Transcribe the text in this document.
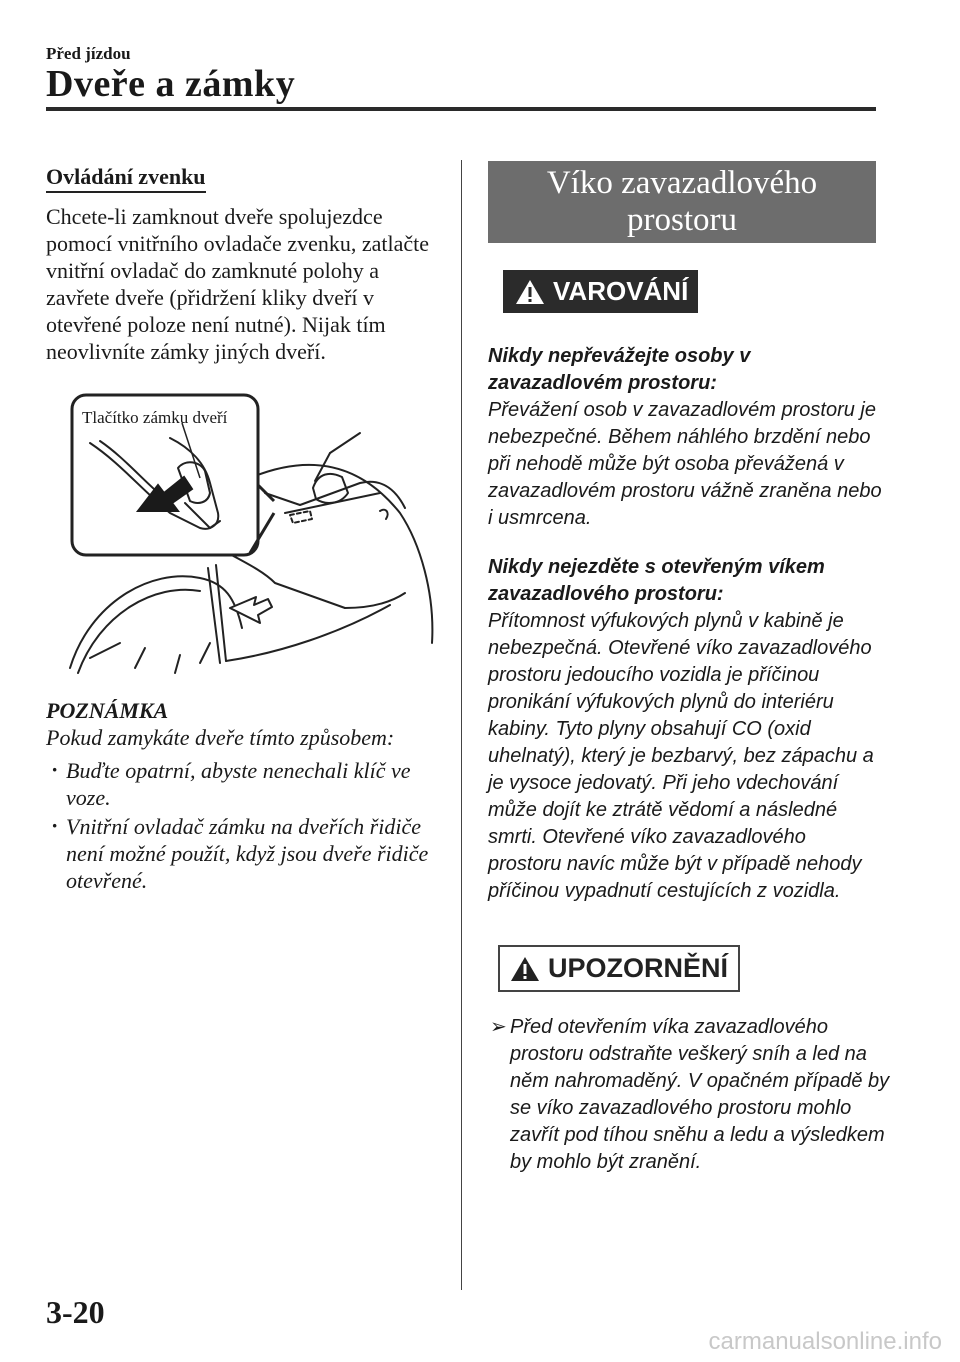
Před jízdou
Dveře a zámky
Ovládání zvenku

Chcete-li zamknout dveře spolujezdce pomocí vnitřního ovladače zvenku, zatlačte vnitřní ovladač do zamknuté polohy a zavřete dveře (přidržení kliky dveří v otevřené poloze není nutné). Nijak tím neovlivníte zámky jiných dveří.

Tlačítko zámku dveří
POZNÁMKA
Pokud zamykáte dveře tímto způsobem:
· Buďte opatrní, abyste nenechali klíč ve voze.
· Vnitřní ovladač zámku na dveřích řidiče není možné použít, když jsou dveře řidiče otevřené.
Víko zavazadlového
prostoru
VAROVÁNÍ

Nikdy nepřevážejte osoby v zavazadlovém prostoru:
Převážení osob v zavazadlovém prostoru je nebezpečné. Během náhlého brzdění nebo při nehodě může být osoba převážená v zavazadlovém prostoru vážně zraněna nebo i usmrcena.

Nikdy nejezděte s otevřeným víkem zavazadlového prostoru:
Přítomnost výfukových plynů v kabině je nebezpečná. Otevřené víko zavazadlového prostoru jedoucího vozidla je příčinou pronikání výfukových plynů do interiéru kabiny. Tyto plyny obsahují CO (oxid uhelnatý), který je bezbarvý, bez zápachu a je vysoce jedovatý. Při jeho vdechování může dojít ke ztrátě vědomí a následné smrti. Otevřené víko zavazadlového prostoru navíc může být v případě nehody příčinou vypadnutí cestujících z vozidla.

UPOZORNĚNÍ
➢ Před otevřením víka zavazadlového prostoru odstraňte veškerý sníh a led na něm nahromaděný. V opačném případě by se víko zavazadlového prostoru mohlo zavřít pod tíhou sněhu a ledu a výsledkem by mohlo být zranění.
3-20
carmanualsonline.info
